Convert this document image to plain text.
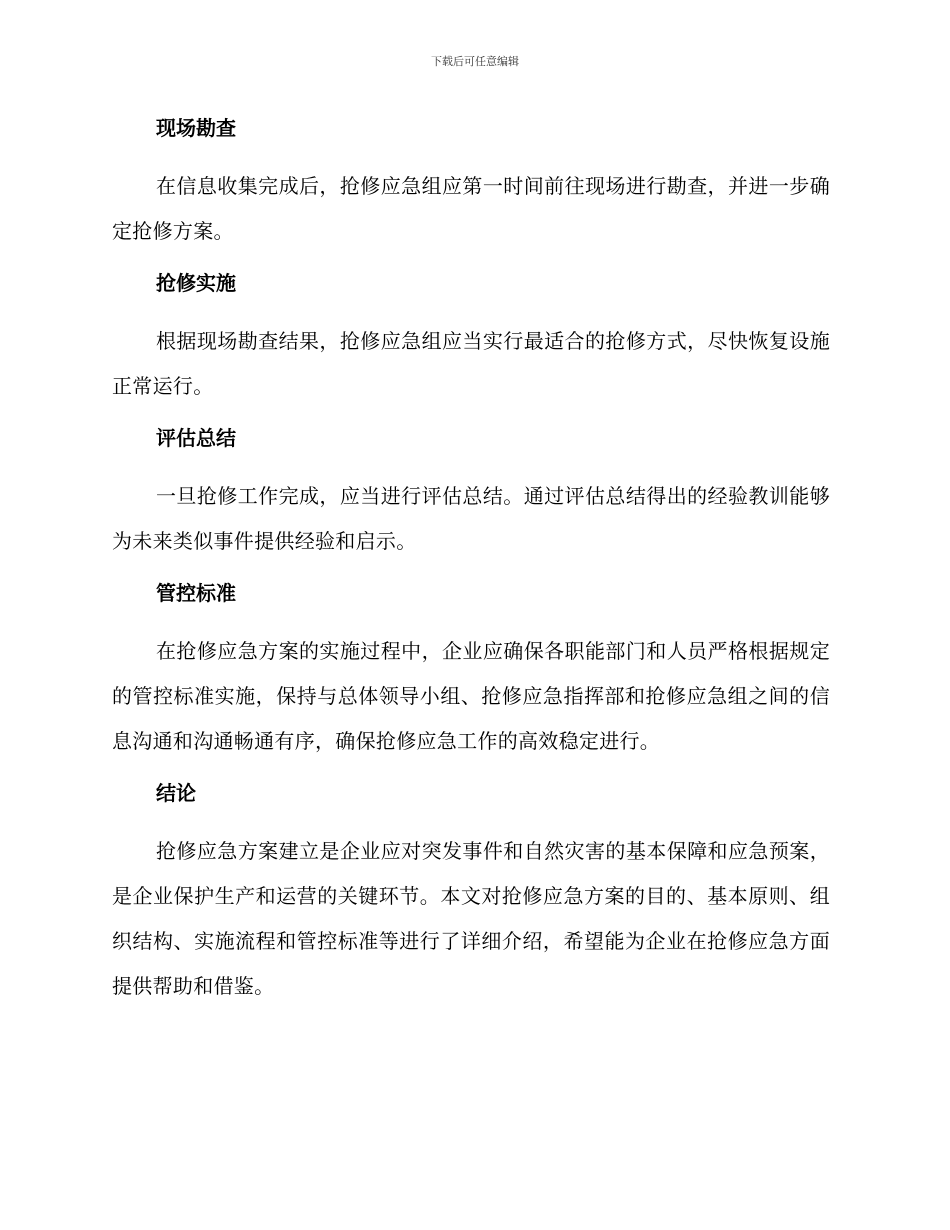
下载后可任意编辑
现场勘查

在信息收集完成后，抢修应急组应第一时间前往现场进行勘查，并进一步确定抢修方案。

抢修实施

根据现场勘查结果，抢修应急组应当实行最适合的抢修方式，尽快恢复设施正常运行。

评估总结

一旦抢修工作完成，应当进行评估总结。通过评估总结得出的经验教训能够为未来类似事件提供经验和启示。

管控标准

在抢修应急方案的实施过程中，企业应确保各职能部门和人员严格根据规定的管控标准实施，保持与总体领导小组、抢修应急指挥部和抢修应急组之间的信息沟通和沟通畅通有序，确保抢修应急工作的高效稳定进行。

结论

抢修应急方案建立是企业应对突发事件和自然灾害的基本保障和应急预案，是企业保护生产和运营的关键环节。本文对抢修应急方案的目的、基本原则、组织结构、实施流程和管控标准等进行了详细介绍，希望能为企业在抢修应急方面提供帮助和借鉴。
